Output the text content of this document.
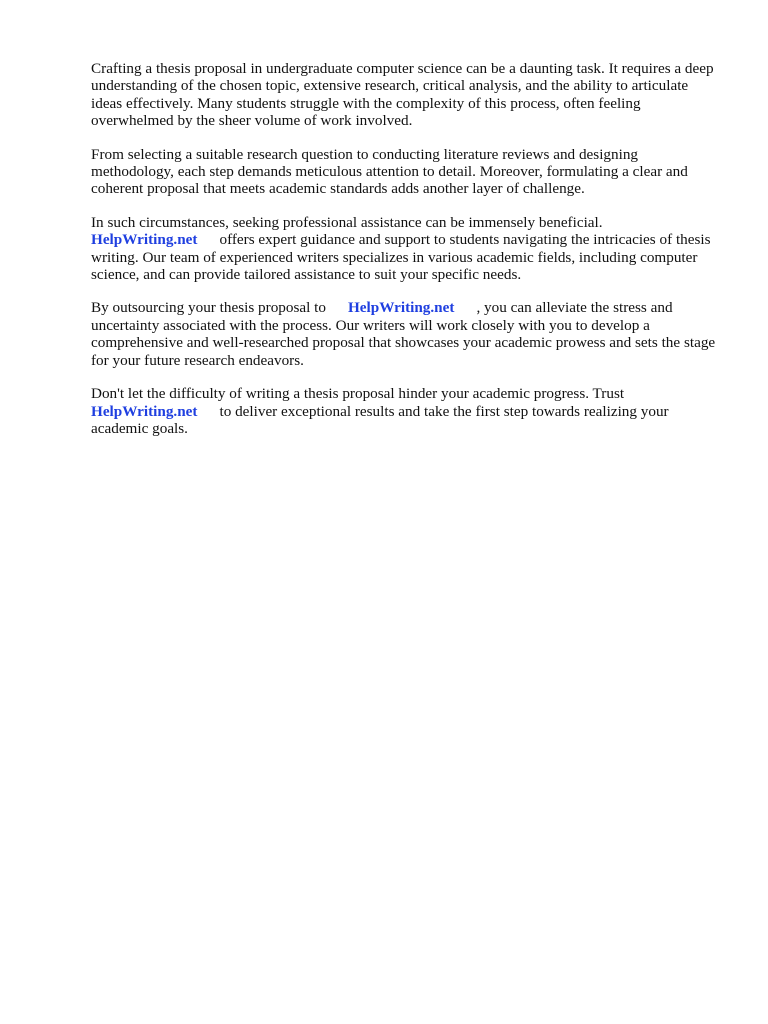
Crafting a thesis proposal in undergraduate computer science can be a daunting task. It requires a deep understanding of the chosen topic, extensive research, critical analysis, and the ability to articulate ideas effectively. Many students struggle with the complexity of this process, often feeling overwhelmed by the sheer volume of work involved.

From selecting a suitable research question to conducting literature reviews and designing methodology, each step demands meticulous attention to detail. Moreover, formulating a clear and coherent proposal that meets academic standards adds another layer of challenge.

In such circumstances, seeking professional assistance can be immensely beneficial.
HelpWriting.net offers expert guidance and support to students navigating the intricacies of thesis writing. Our team of experienced writers specializes in various academic fields, including computer science, and can provide tailored assistance to suit your specific needs.

By outsourcing your thesis proposal to HelpWriting.net , you can alleviate the stress and uncertainty associated with the process. Our writers will work closely with you to develop a comprehensive and well-researched proposal that showcases your academic prowess and sets the stage for your future research endeavors.

Don't let the difficulty of writing a thesis proposal hinder your academic progress. Trust
HelpWriting.net to deliver exceptional results and take the first step towards realizing your academic goals.
